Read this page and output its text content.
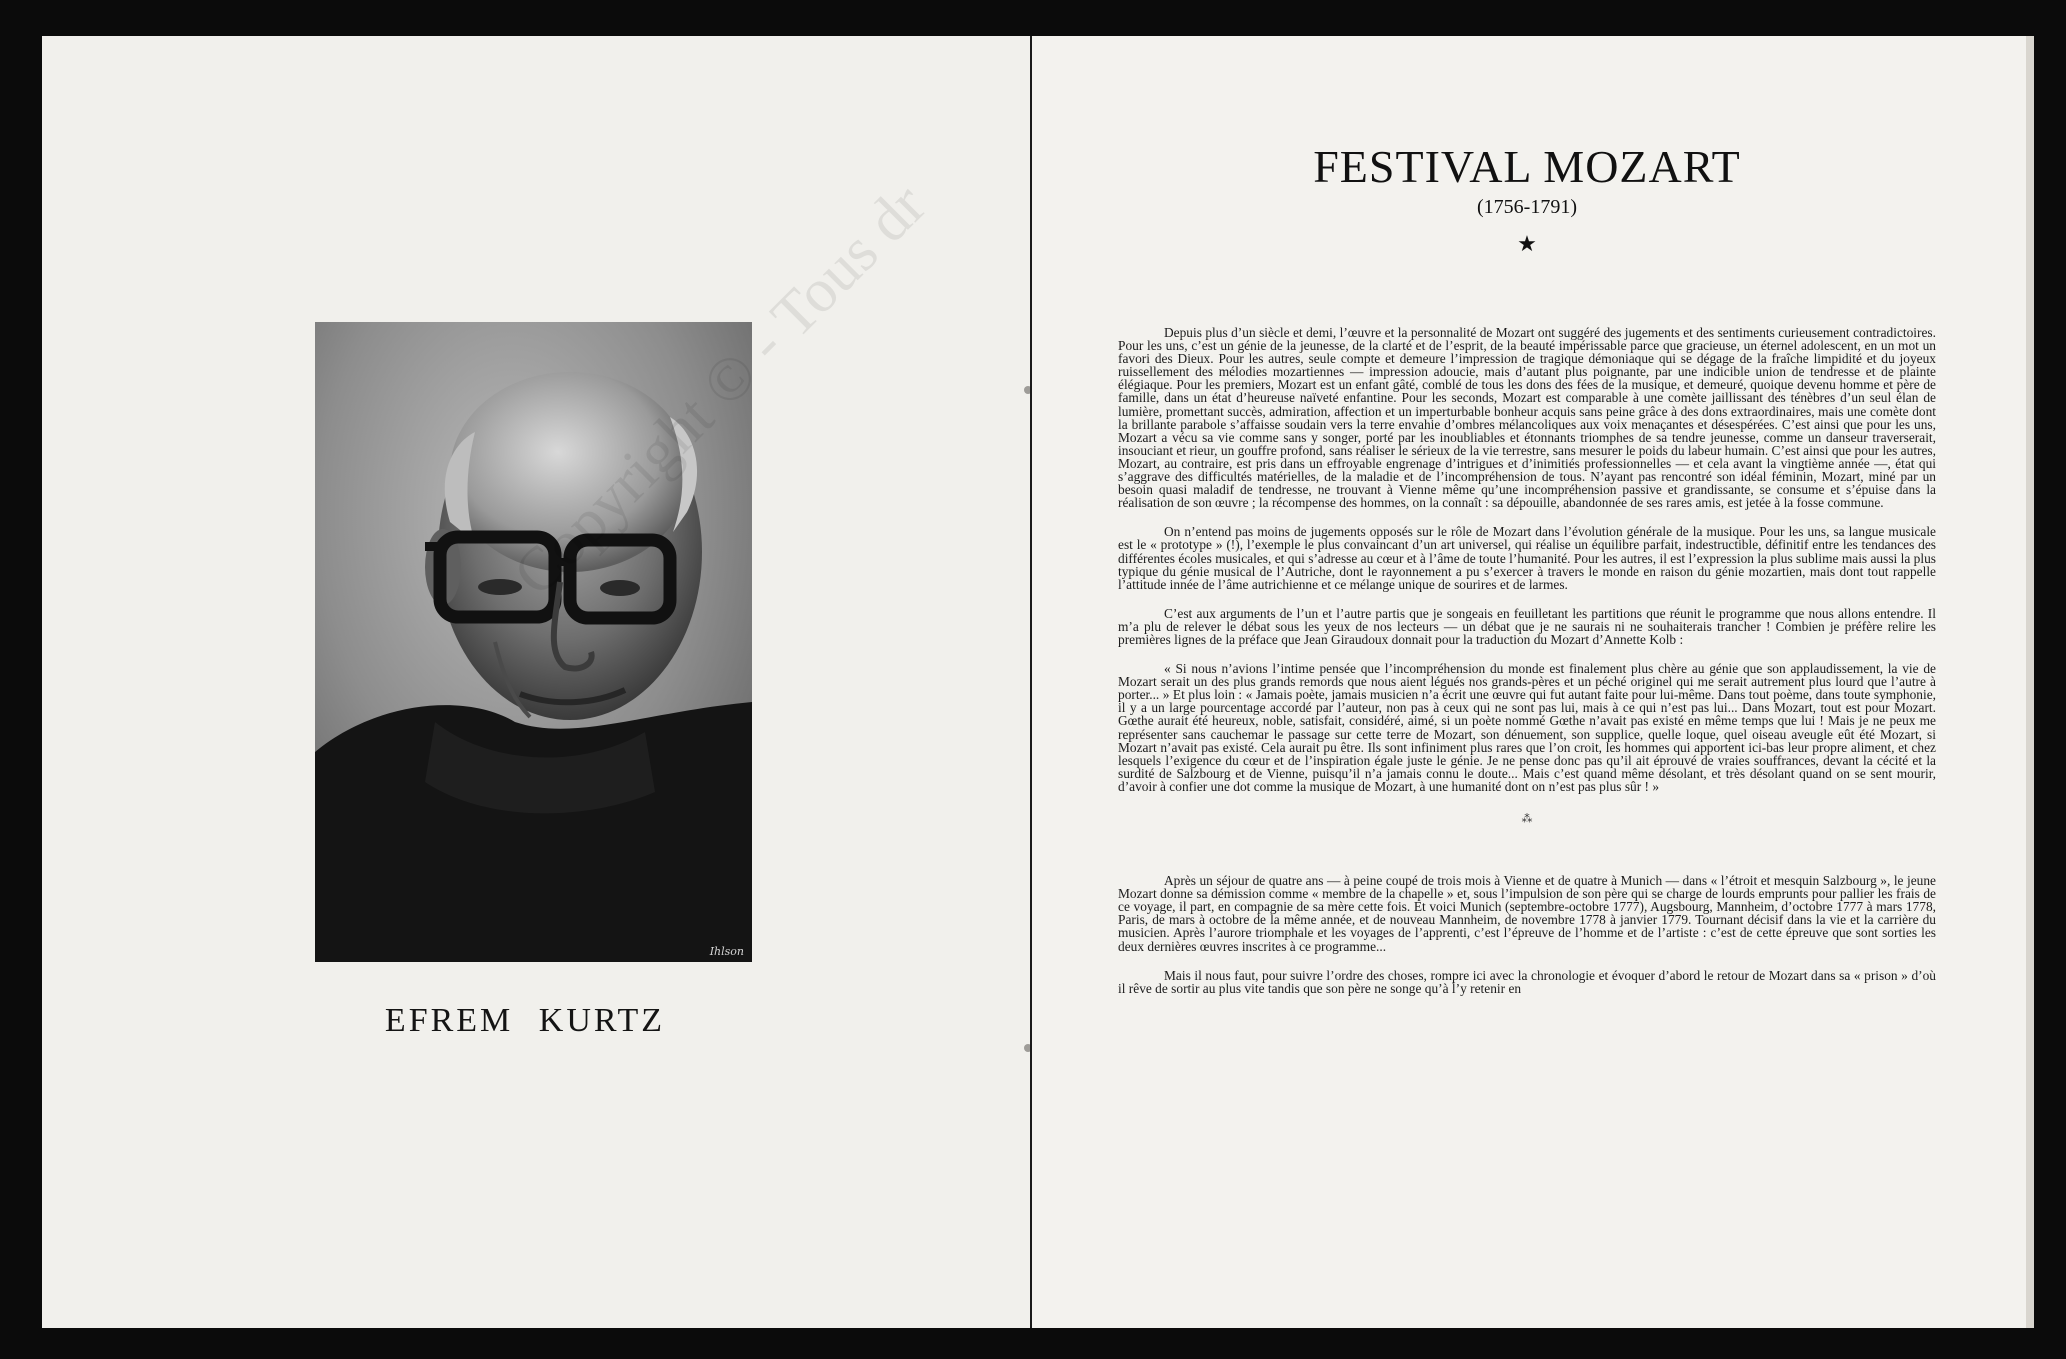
Ihlson
EFREM KURTZ
FESTIVAL MOZART
(1756-1791)
★

Depuis plus d’un siècle et demi, l’œuvre et la personnalité de Mozart ont suggéré des jugements et des sentiments curieusement contradictoires. Pour les uns, c’est un génie de la jeunesse, de la clarté et de l’esprit, de la beauté impérissable parce que gracieuse, un éternel adolescent, en un mot un favori des Dieux. Pour les autres, seule compte et demeure l’impression de tragique démoniaque qui se dégage de la fraîche limpidité et du joyeux ruissellement des mélodies mozartiennes — impression adoucie, mais d’autant plus poignante, par une indicible union de tendresse et de plainte élégiaque. Pour les premiers, Mozart est un enfant gâté, comblé de tous les dons des fées de la musique, et demeuré, quoique devenu homme et père de famille, dans un état d’heureuse naïveté enfantine. Pour les seconds, Mozart est comparable à une comète jaillissant des ténèbres d’un seul élan de lumière, promettant succès, admiration, affection et un imperturbable bonheur acquis sans peine grâce à des dons extraordinaires, mais une comète dont la brillante parabole s’affaisse soudain vers la terre envahie d’ombres mélancoliques aux voix menaçantes et désespérées. C’est ainsi que pour les uns, Mozart a vécu sa vie comme sans y songer, porté par les inoubliables et étonnants triomphes de sa tendre jeunesse, comme un danseur traverserait, insouciant et rieur, un gouffre profond, sans réaliser le sérieux de la vie terrestre, sans mesurer le poids du labeur humain. C’est ainsi que pour les autres, Mozart, au contraire, est pris dans un effroyable engrenage d’intrigues et d’inimitiés professionnelles — et cela avant la vingtième année —, état qui s’aggrave des difficultés matérielles, de la maladie et de l’incompréhension de tous. N’ayant pas rencontré son idéal féminin, Mozart, miné par un besoin quasi maladif de tendresse, ne trouvant à Vienne même qu’une incompréhension passive et grandissante, se consume et s’épuise dans la réalisation de son œuvre ; la récompense des hommes, on la connaît : sa dépouille, abandonnée de ses rares amis, est jetée à la fosse commune.

On n’entend pas moins de jugements opposés sur le rôle de Mozart dans l’évolution générale de la musique. Pour les uns, sa langue musicale est le « prototype » (!), l’exemple le plus convaincant d’un art universel, qui réalise un équilibre parfait, indestructible, définitif entre les tendances des différentes écoles musicales, et qui s’adresse au cœur et à l’âme de toute l’humanité. Pour les autres, il est l’expression la plus sublime mais aussi la plus typique du génie musical de l’Autriche, dont le rayonnement a pu s’exercer à travers le monde en raison du génie mozartien, mais dont tout rappelle l’attitude innée de l’âme autrichienne et ce mélange unique de sourires et de larmes.

C’est aux arguments de l’un et l’autre partis que je songeais en feuilletant les partitions que réunit le programme que nous allons entendre. Il m’a plu de relever le débat sous les yeux de nos lecteurs — un débat que je ne saurais ni ne souhaiterais trancher ! Combien je préfère relire les premières lignes de la préface que Jean Giraudoux donnait pour la traduction du Mozart d’Annette Kolb :

« Si nous n’avions l’intime pensée que l’incompréhension du monde est finalement plus chère au génie que son applaudissement, la vie de Mozart serait un des plus grands remords que nous aient légués nos grands-pères et un péché originel qui me serait autrement plus lourd que l’autre à porter... » Et plus loin : « Jamais poète, jamais musicien n’a écrit une œuvre qui fut autant faite pour lui-même. Dans tout poème, dans toute symphonie, il y a un large pourcentage accordé par l’auteur, non pas à ceux qui ne sont pas lui, mais à ce qui n’est pas lui... Dans Mozart, tout est pour Mozart. Gœthe aurait été heureux, noble, satisfait, considéré, aimé, si un poète nommé Gœthe n’avait pas existé en même temps que lui ! Mais je ne peux me représenter sans cauchemar le passage sur cette terre de Mozart, son dénuement, son supplice, quelle loque, quel oiseau aveugle eût été Mozart, si Mozart n’avait pas existé. Cela aurait pu être. Ils sont infiniment plus rares que l’on croit, les hommes qui apportent ici-bas leur propre aliment, et chez lesquels l’exigence du cœur et de l’inspiration égale juste le génie. Je ne pense donc pas qu’il ait éprouvé de vraies souffrances, devant la cécité et la surdité de Salzbourg et de Vienne, puisqu’il n’a jamais connu le doute... Mais c’est quand même désolant, et très désolant quand on se sent mourir, d’avoir à confier une dot comme la musique de Mozart, à une humanité dont on n’est pas plus sûr ! »

⁂

Après un séjour de quatre ans — à peine coupé de trois mois à Vienne et de quatre à Munich — dans « l’étroit et mesquin Salzbourg », le jeune Mozart donne sa démission comme « membre de la chapelle » et, sous l’impulsion de son père qui se charge de lourds emprunts pour pallier les frais de ce voyage, il part, en compagnie de sa mère cette fois. Et voici Munich (septembre-octobre 1777), Augsbourg, Mannheim, d’octobre 1777 à mars 1778, Paris, de mars à octobre de la même année, et de nouveau Mannheim, de novembre 1778 à janvier 1779. Tournant décisif dans la vie et la carrière du musicien. Après l’aurore triomphale et les voyages de l’apprenti, c’est l’épreuve de l’homme et de l’artiste : c’est de cette épreuve que sont sorties les deux dernières œuvres inscrites à ce programme...

Mais il nous faut, pour suivre l’ordre des choses, rompre ici avec la chronologie et évoquer d’abord le retour de Mozart dans sa « prison » d’où il rêve de sortir au plus vite tandis que son père ne songe qu’à l’y retenir en
